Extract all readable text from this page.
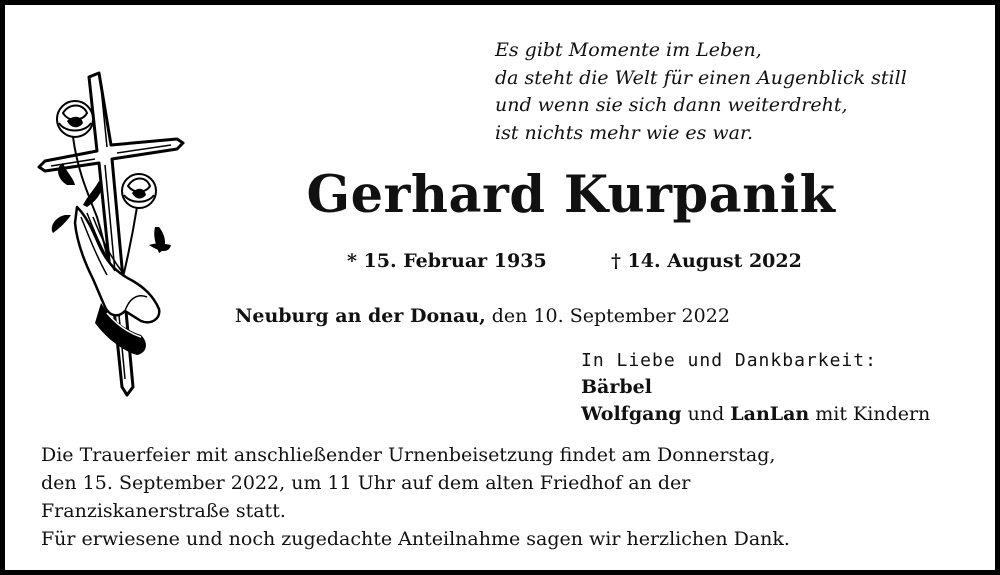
Es gibt Momente im Leben,
da steht die Welt für einen Augenblick still
und wenn sie sich dann weiterdreht,
ist nichts mehr wie es war.
Gerhard Kurpanik
* 15. Februar 1935	† 14. August 2022
Neuburg an der Donau, den 10. September 2022
In Liebe und Dankbarkeit:
Bärbel
Wolfgang und LanLan mit Kindern
Die Trauerfeier mit anschließender Urnenbeisetzung findet am Donnerstag,
den 15. September 2022, um 11 Uhr auf dem alten Friedhof an der
Franziskanerstraße statt.
Für erwiesene und noch zugedachte Anteilnahme sagen wir herzlichen Dank.
